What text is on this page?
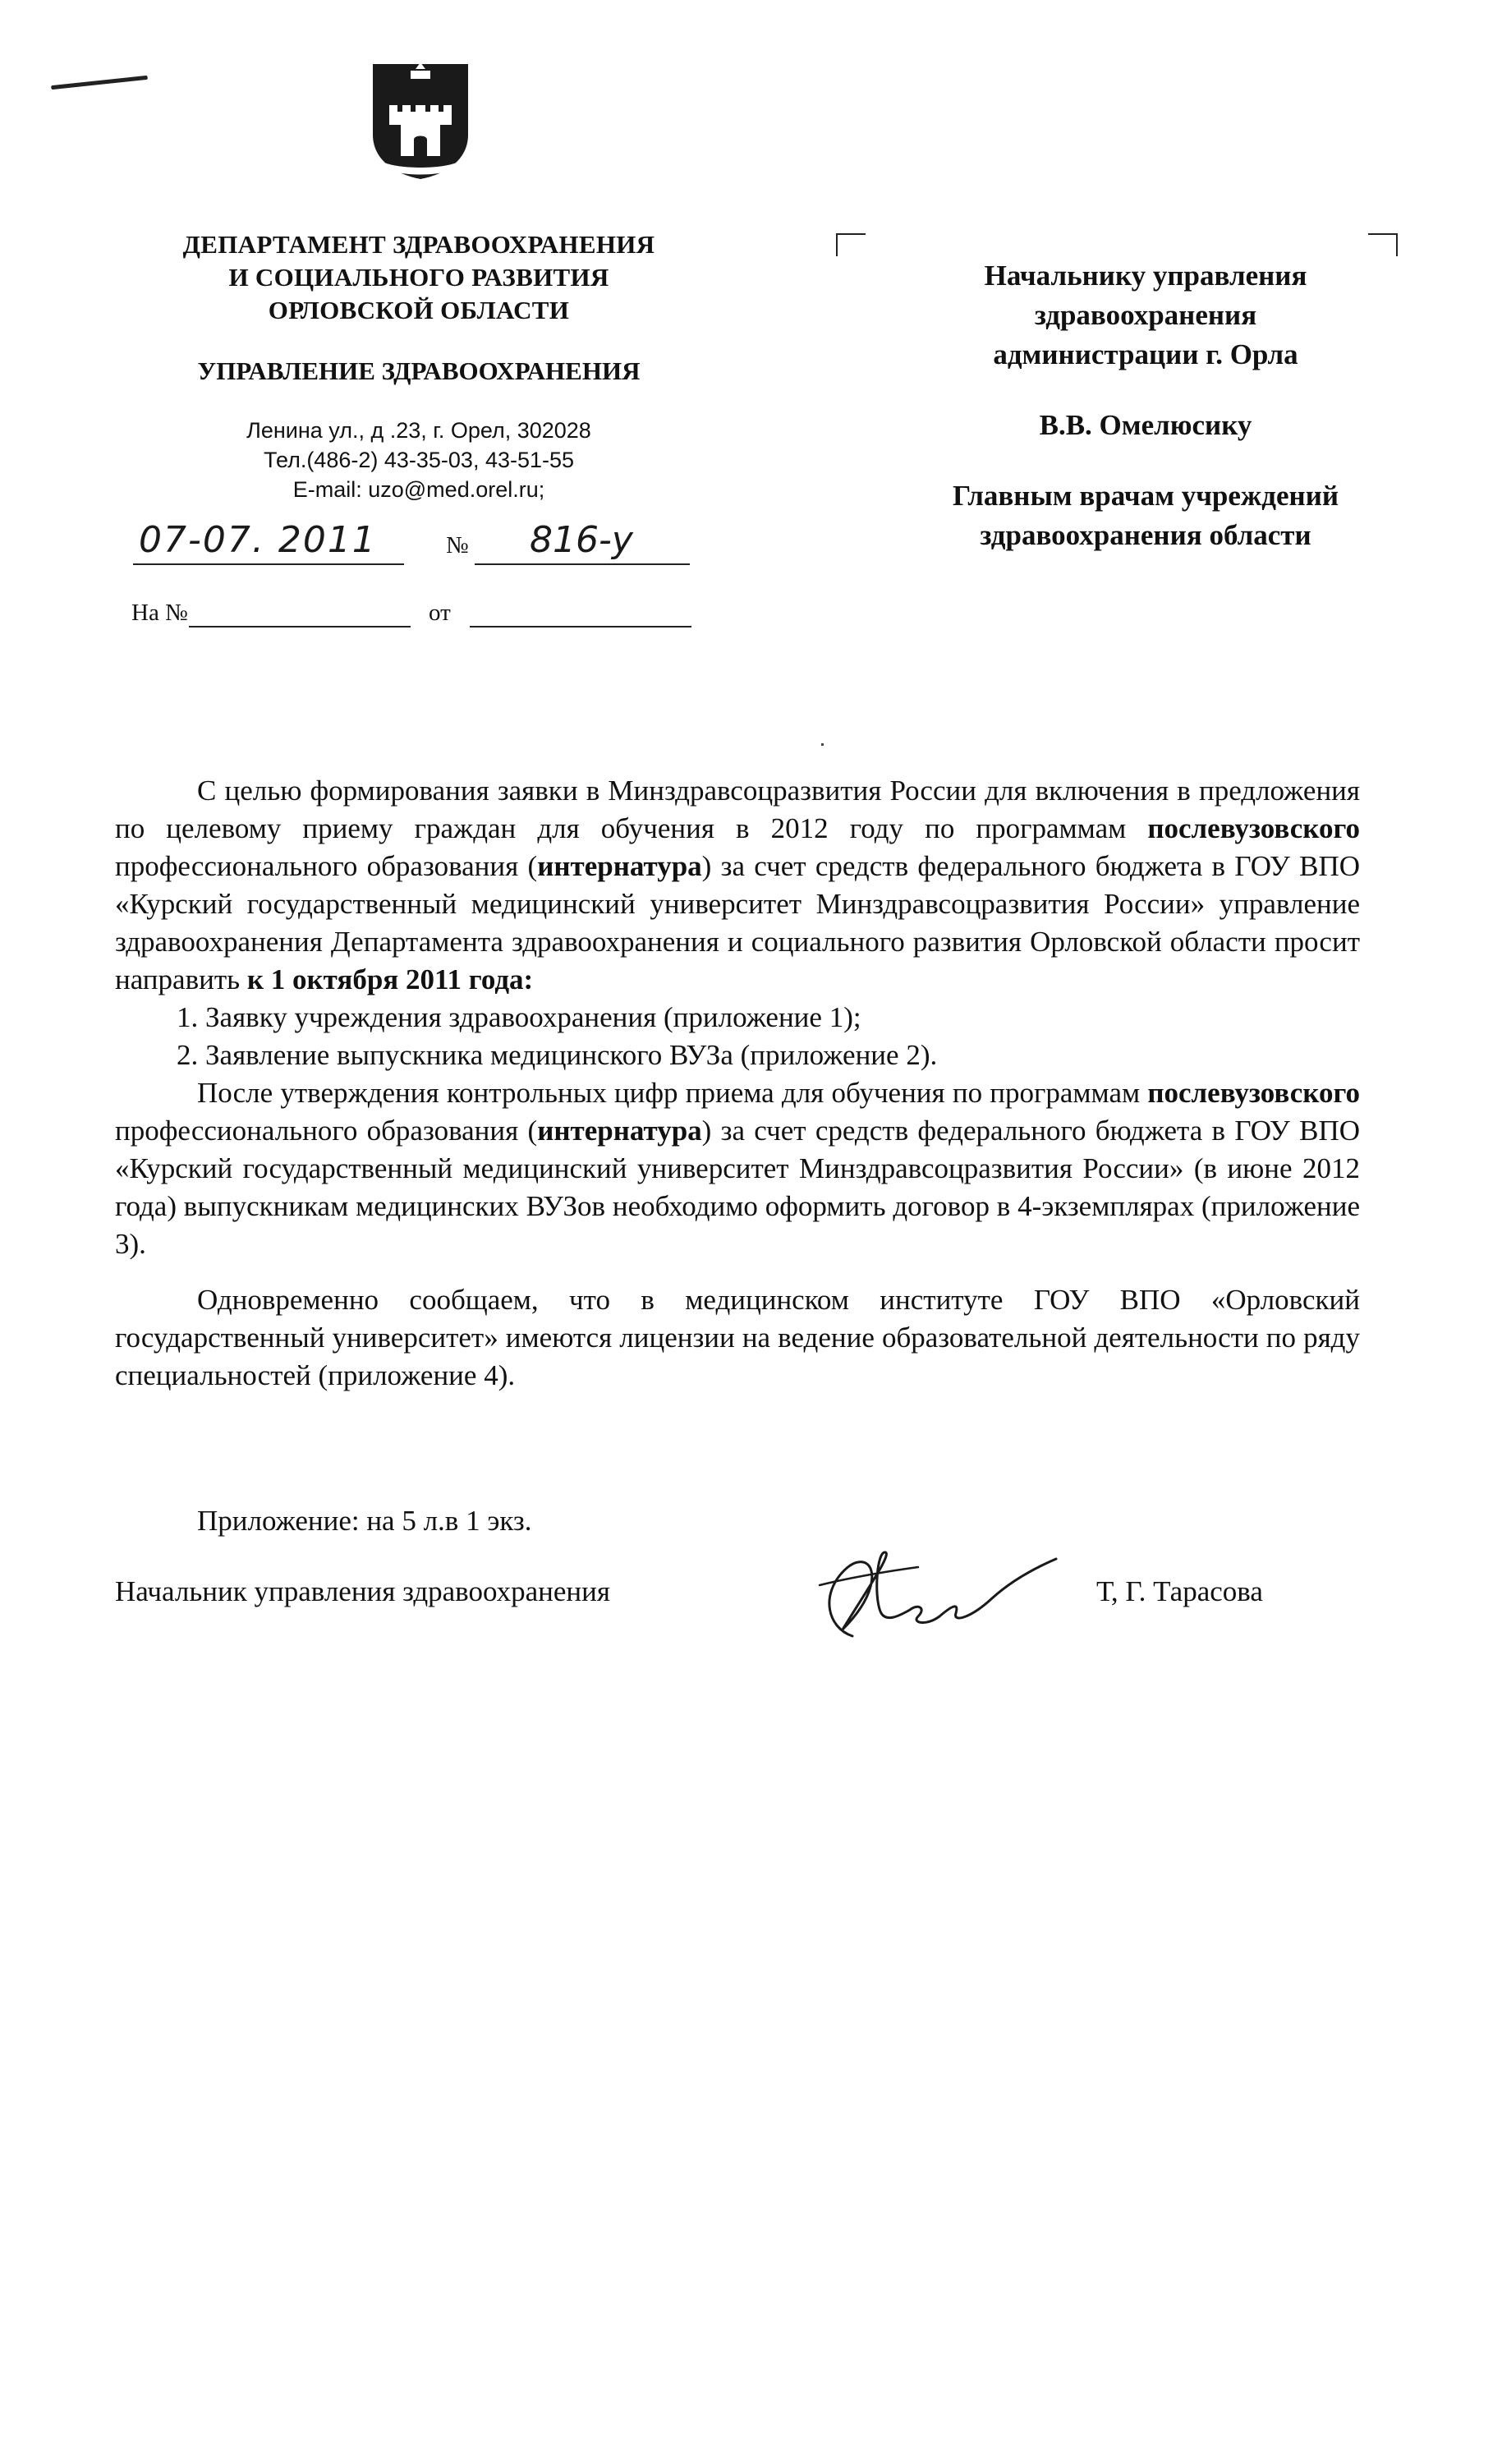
ДЕПАРТАМЕНТ ЗДРАВООХРАНЕНИЯ
И СОЦИАЛЬНОГО РАЗВИТИЯ
ОРЛОВСКОЙ ОБЛАСТИ
УПРАВЛЕНИЕ ЗДРАВООХРАНЕНИЯ
Ленина ул., д .23, г. Орел, 302028
Тел.(486-2) 43-35-03, 43-51-55
E-mail: uzo@med.orel.ru;
07-07. 2011	№ 816-у
На №	от
Начальнику управления
здравоохранения
администрации г. Орла
В.В. Омелюсику
Главным врачам учреждений
здравоохранения области

С целью формирования заявки в Минздравсоцразвития России для включения в предложения по целевому приему граждан для обучения в 2012 году по программам послевузовского профессионального образования (интернатура) за счет средств федерального бюджета в ГОУ ВПО «Курский государственный медицинский университет Минздравсоцразвития России» управление здравоохранения Департамента здравоохранения и социального развития Орловской области просит направить к 1 октября 2011 года:

1. Заявку учреждения здравоохранения (приложение 1);

2. Заявление выпускника медицинского ВУЗа (приложение 2).

После утверждения контрольных цифр приема для обучения по программам послевузовского профессионального образования (интернатура) за счет средств федерального бюджета в ГОУ ВПО «Курский государственный медицинский университет Минздравсоцразвития России» (в июне 2012 года) выпускникам медицинских ВУЗов необходимо оформить договор в 4-экземплярах (приложение 3).

Одновременно сообщаем, что в медицинском институте ГОУ ВПО «Орловский государственный университет» имеются лицензии на ведение образовательной деятельности по ряду специальностей (приложение 4).

Приложение: на 5 л.в 1 экз.
Начальник управления здравоохранения	Т, Г. Тарасова
